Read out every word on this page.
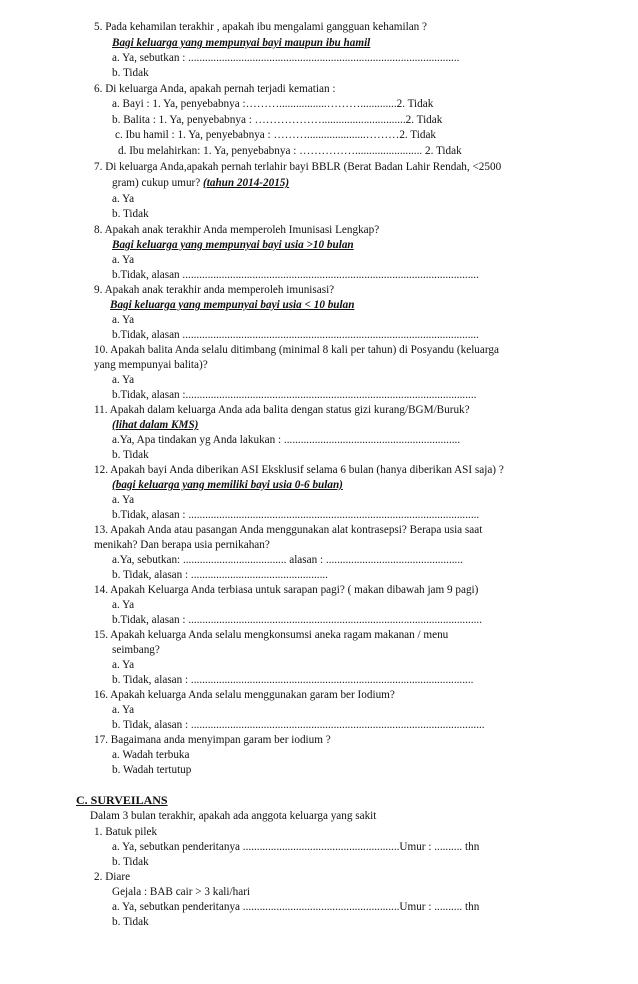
5. Pada kehamilan terakhir , apakah ibu mengalami gangguan kehamilan ?
Bagi keluarga yang mempunyai bayi maupun ibu hamil
a. Ya, sebutkan : .................................................................................................
b. Tidak
6. Di keluarga Anda, apakah pernah terjadi kematian :
a. Bayi : 1. Ya, penyebabnya :……….................……….............2. Tidak
b. Balita : 1. Ya, penyebabnya : ………………..............................2. Tidak
c. Ibu hamil : 1. Ya, penyebabnya : ……….....................………2. Tidak
d. Ibu melahirkan: 1. Ya, penyebabnya : ……………........................ 2. Tidak
7. Di keluarga Anda,apakah pernah terlahir bayi BBLR (Berat Badan Lahir Rendah, <2500
gram) cukup umur? (tahun 2014-2015)
a. Ya
b. Tidak
8. Apakah anak terakhir Anda memperoleh Imunisasi Lengkap?
Bagi keluarga yang mempunyai bayi usia >10 bulan
a. Ya
b.Tidak, alasan ..........................................................................................................
9. Apakah anak terakhir anda memperoleh imunisasi?
Bagi keluarga yang mempunyai bayi usia < 10 bulan
a. Ya
b.Tidak, alasan ..........................................................................................................
10. Apakah balita Anda selalu ditimbang (minimal 8 kali per tahun) di Posyandu (keluarga
yang mempunyai balita)?
a. Ya
b.Tidak, alasan :........................................................................................................
11. Apakah dalam keluarga Anda ada balita dengan status gizi kurang/BGM/Buruk?
(lihat dalam KMS)
a.Ya, Apa tindakan yg Anda lakukan : ...............................................................
b. Tidak
12. Apakah bayi Anda diberikan ASI Eksklusif selama 6 bulan (hanya diberikan ASI saja) ?
(bagi keluarga yang memiliki bayi usia 0-6 bulan)
a. Ya
b.Tidak, alasan : ........................................................................................................
13. Apakah Anda atau pasangan Anda menggunakan alat kontrasepsi? Berapa usia saat
menikah? Dan berapa usia pernikahan?
a.Ya, sebutkan: ..................................... alasan : .................................................
b. Tidak, alasan : .................................................
14. Apakah Keluarga Anda terbiasa untuk sarapan pagi? ( makan dibawah jam 9 pagi)
a. Ya
b.Tidak, alasan : .........................................................................................................
15. Apakah keluarga Anda selalu mengkonsumsi aneka ragam makanan / menu
seimbang?
a. Ya
b. Tidak, alasan : .....................................................................................................
16. Apakah keluarga Anda selalu menggunakan garam ber Iodium?
a. Ya
b. Tidak, alasan : .........................................................................................................
17. Bagaimana anda menyimpan garam ber iodium ?
a. Wadah terbuka
b. Wadah tertutup
C. SURVEILANS
Dalam 3 bulan terakhir, apakah ada anggota keluarga yang sakit
1. Batuk pilek
a. Ya, sebutkan penderitanya ........................................................Umur : .......... thn
b. Tidak
2. Diare
Gejala : BAB cair > 3 kali/hari
a. Ya, sebutkan penderitanya ........................................................Umur : .......... thn
b. Tidak
